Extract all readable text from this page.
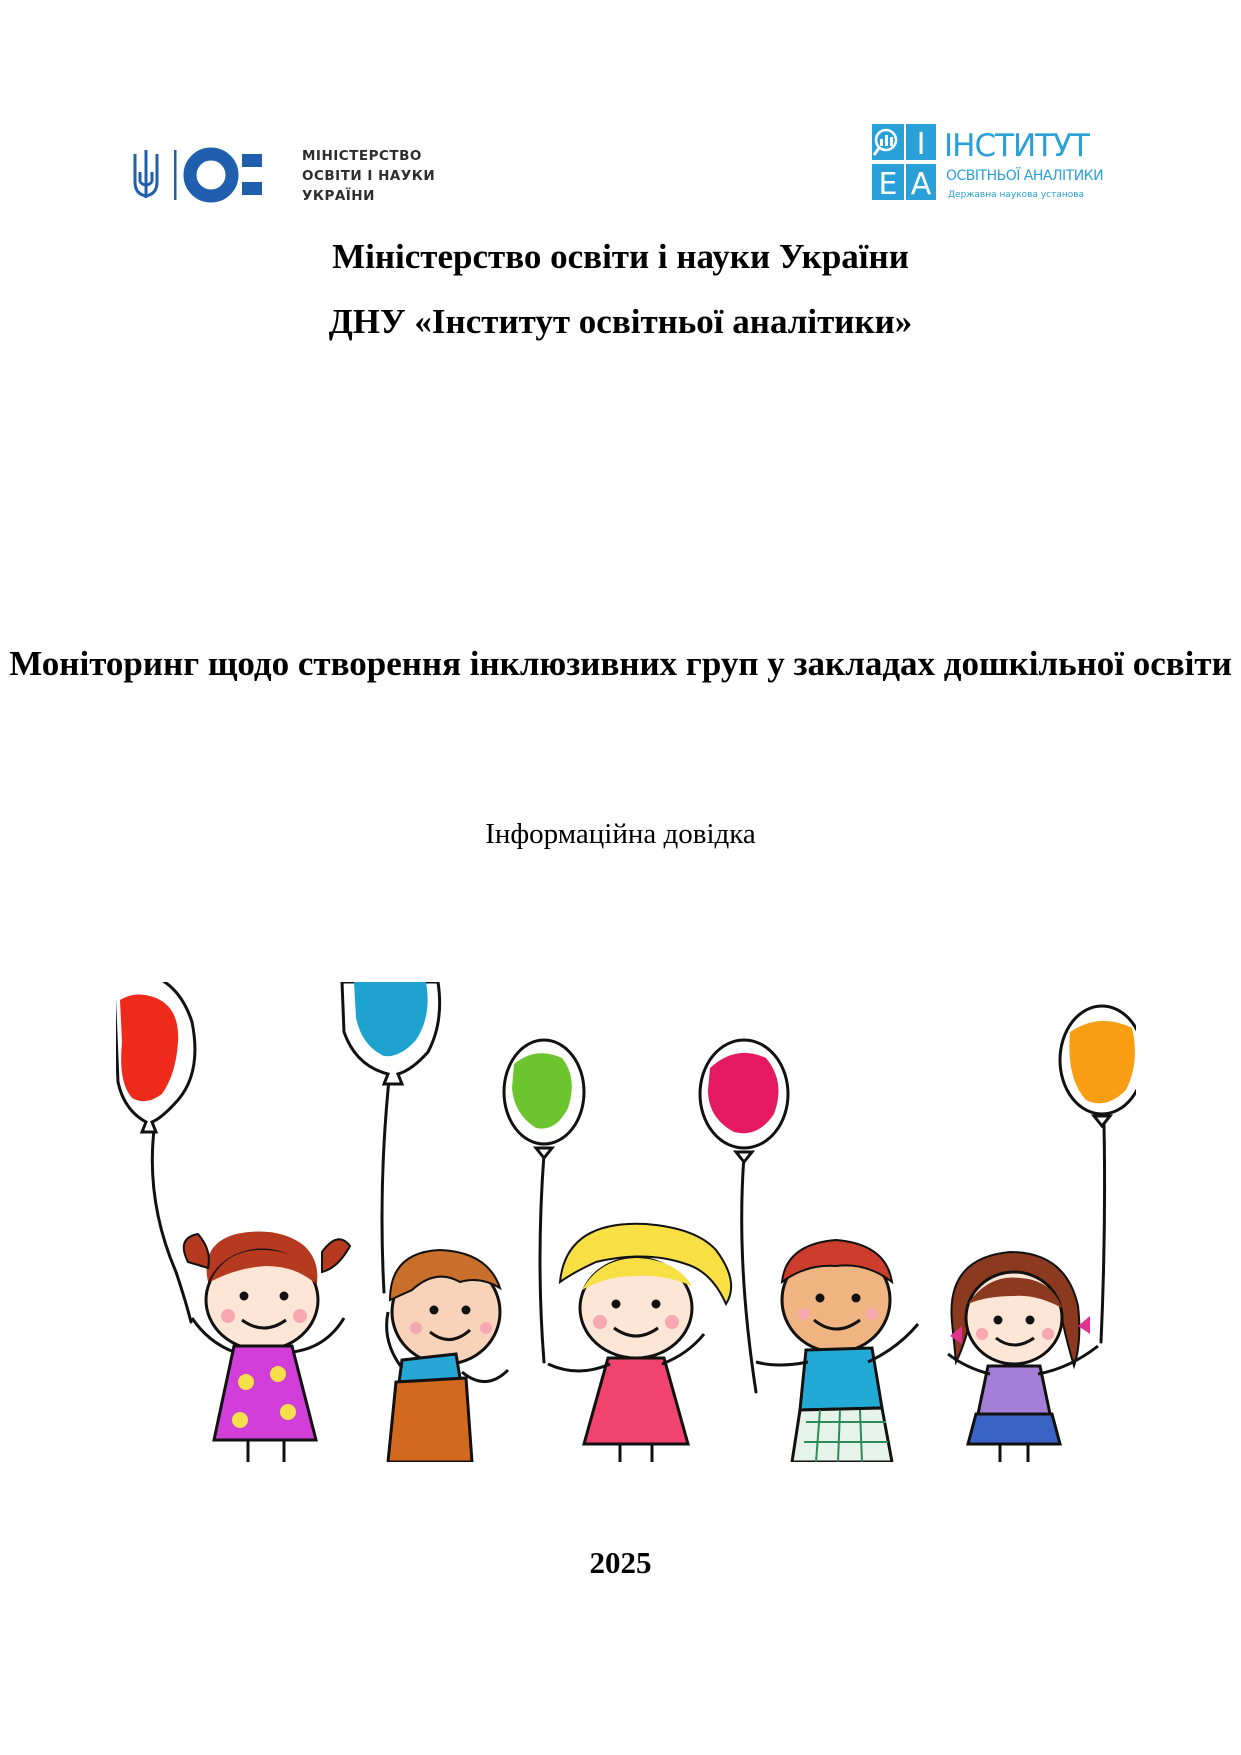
МІНІСТЕРСТВО
ОСВІТИ І НАУКИ
УКРАЇНИ
І
Е А
ІНСТИТУТ
ОСВІТНЬОЇ АНАЛІТИКИ
Державна наукова установа
Міністерство освіти і науки України
ДНУ «Інститут освітньої аналітики»
Моніторинг щодо створення інклюзивних груп у закладах дошкільної освіти
Інформаційна довідка
2025
